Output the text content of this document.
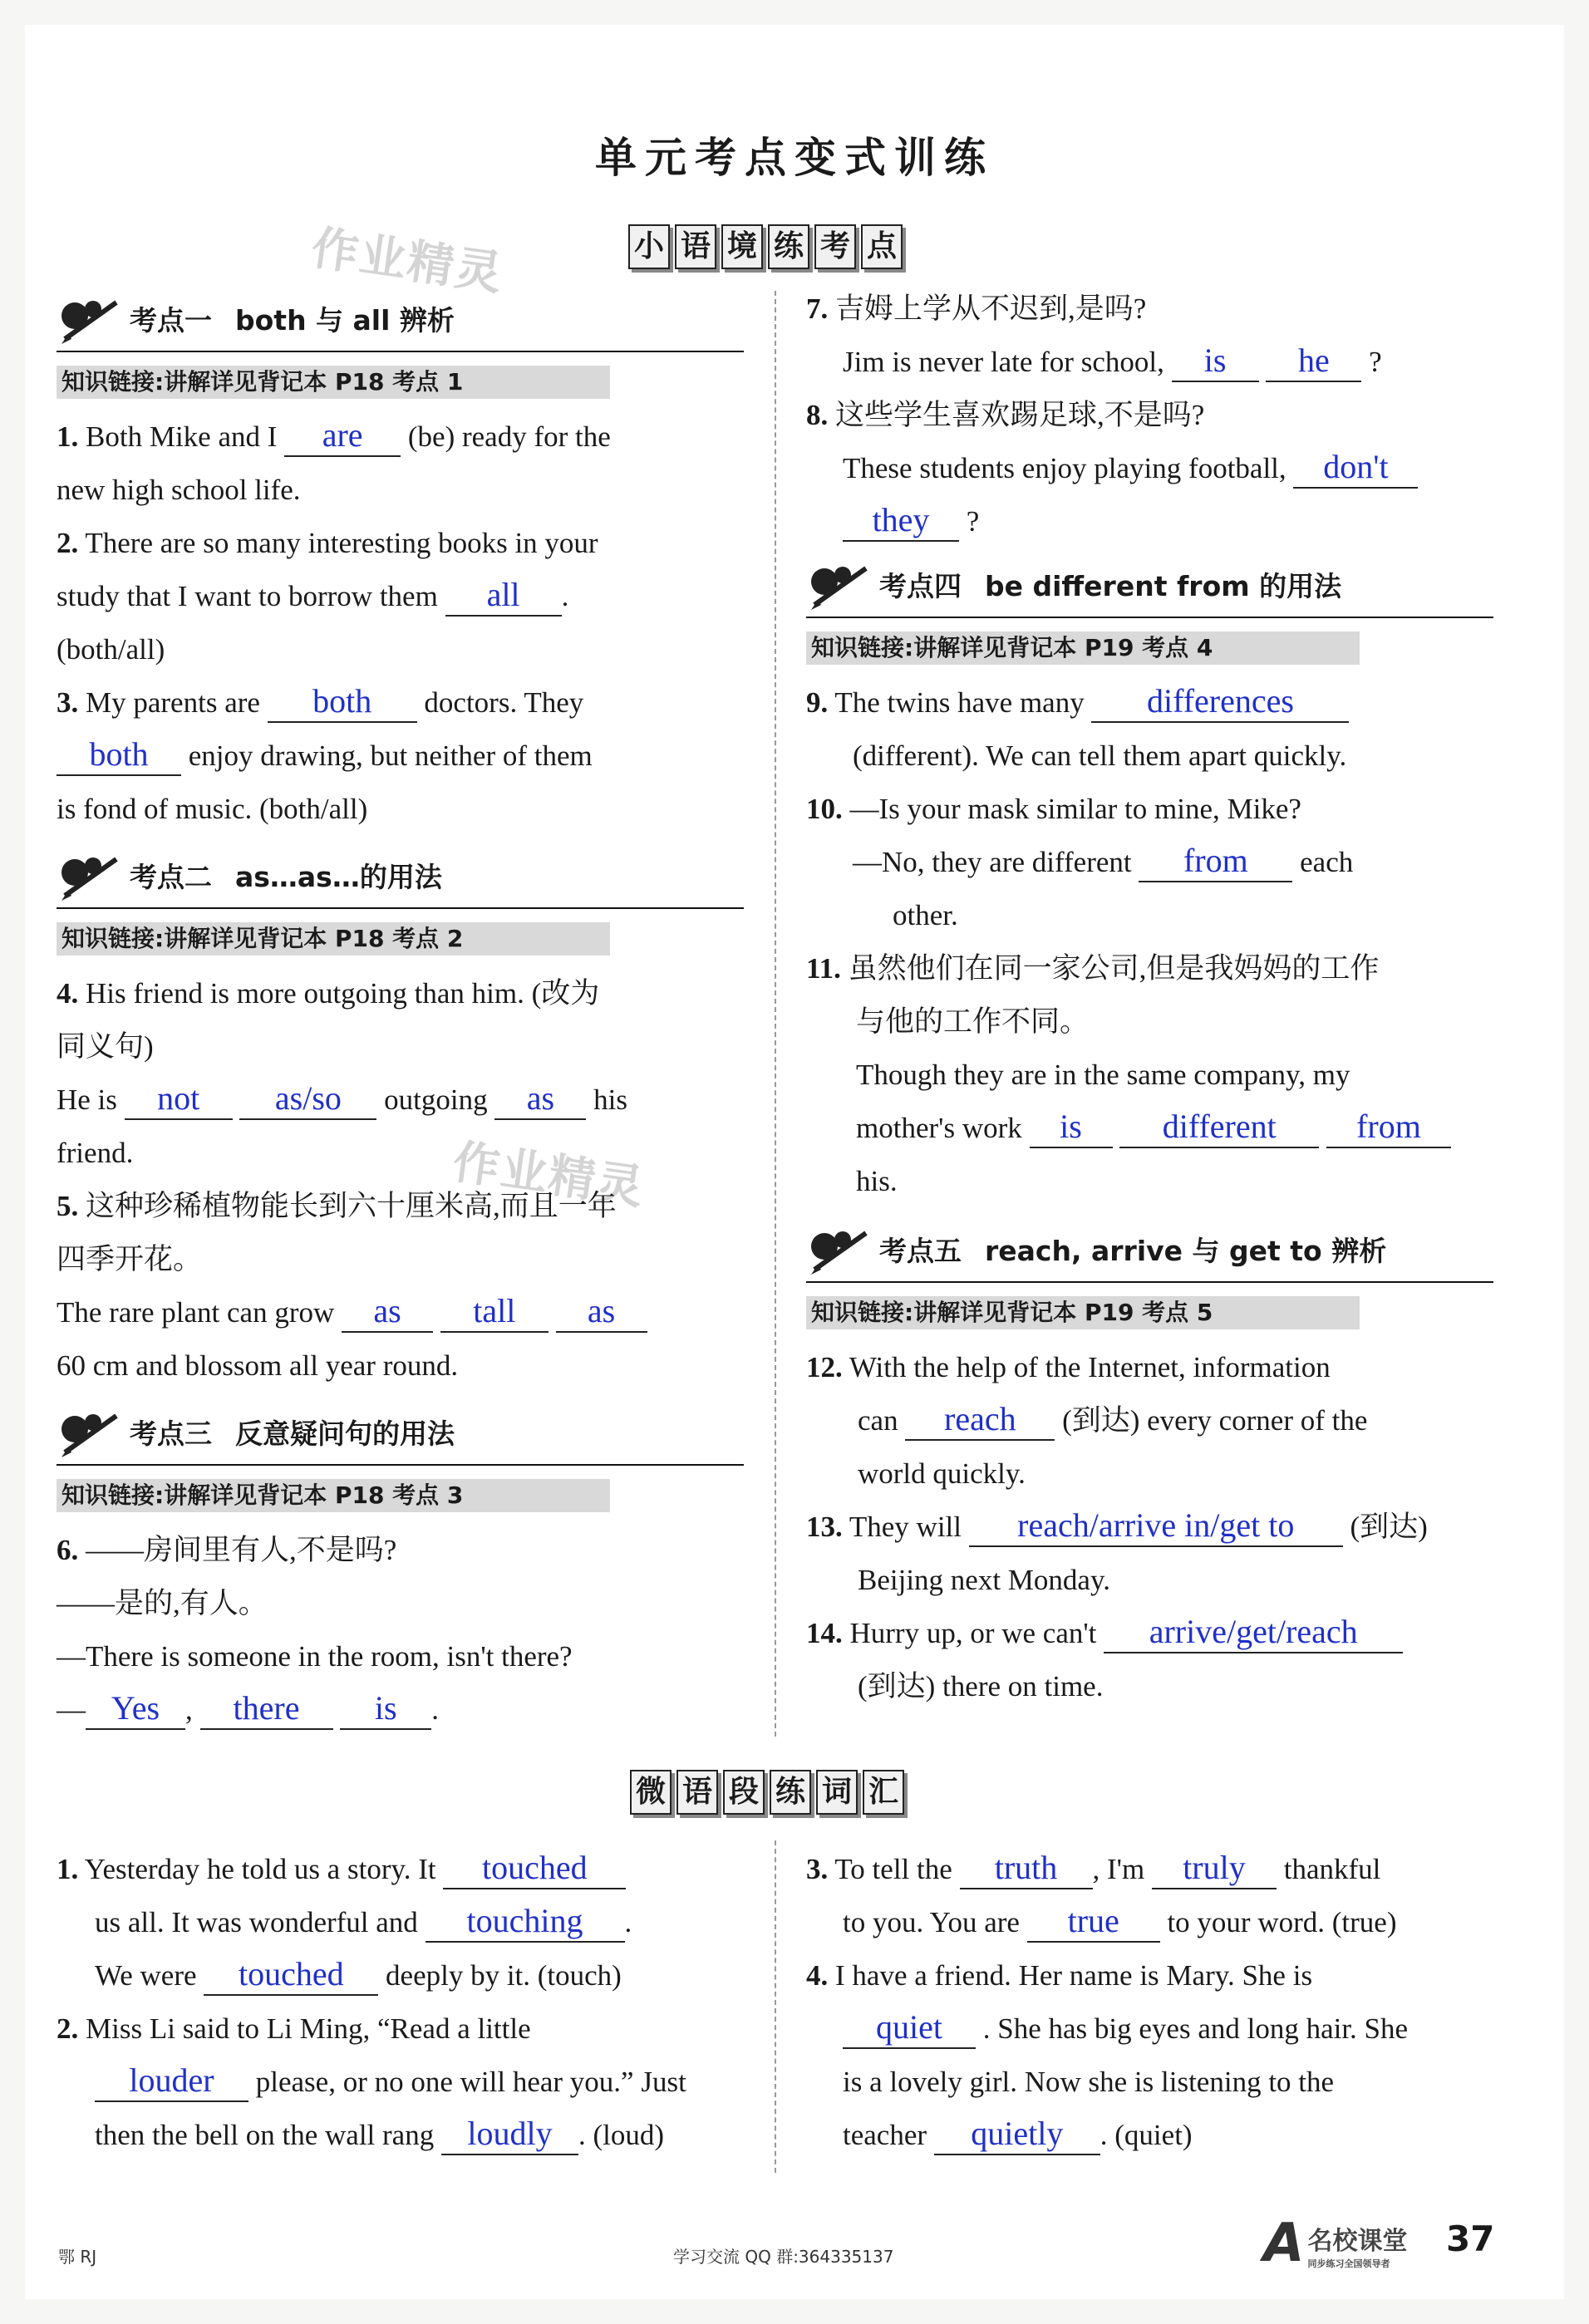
单元考点变式训练
作业精灵
作业精灵
小 语 境 练 考 点
考点一 both 与 all 辨析
知识链接:讲解详见背记本 P18 考点 1
1. Both Mike and I are (be) ready for the
new high school life.
2. There are so many interesting books in your
study that I want to borrow them all .
(both/all)
3. My parents are both doctors. They
both enjoy drawing, but neither of them
is fond of music. (both/all)
考点二 as…as…的用法
知识链接:讲解详见背记本 P18 考点 2
4. His friend is more outgoing than him. (改为
同义句)
He is not as/so outgoing as his
friend.
5. 这种珍稀植物能长到六十厘米高,而且一年
四季开花。
The rare plant can grow as tall as
60 cm and blossom all year round.
考点三 反意疑问句的用法
知识链接:讲解详见背记本 P18 考点 3
6. ——房间里有人,不是吗?
——是的,有人。
—There is someone in the room, isn't there?
— Yes , there is .
7. 吉姆上学从不迟到,是吗?
Jim is never late for school, is he ?
8. 这些学生喜欢踢足球,不是吗?
These students enjoy playing football, don't
they ?
考点四 be different from 的用法
知识链接:讲解详见背记本 P19 考点 4
9. The twins have many differences
(different). We can tell them apart quickly.
10. —Is your mask similar to mine, Mike?
—No, they are different from each
other.
11. 虽然他们在同一家公司,但是我妈妈的工作
与他的工作不同。
Though they are in the same company, my
mother's work is different from
his.
考点五 reach, arrive 与 get to 辨析
知识链接:讲解详见背记本 P19 考点 5
12. With the help of the Internet, information
can reach (到达) every corner of the
world quickly.
13. They will reach/arrive in/get to (到达)
Beijing next Monday.
14. Hurry up, or we can't arrive/get/reach
(到达) there on time.
微 语 段 练 词 汇
1. Yesterday he told us a story. It touched
us all. It was wonderful and touching .
We were touched deeply by it. (touch)
2. Miss Li said to Li Ming, “Read a little
louder please, or no one will hear you.” Just
then the bell on the wall rang loudly . (loud)
3. To tell the truth , I'm truly thankful
to you. You are true to your word. (true)
4. I have a friend. Her name is Mary. She is
quiet . She has big eyes and long hair. She
is a lovely girl. Now she is listening to the
teacher quietly . (quiet)
鄂 RJ	学习交流 QQ 群:364335137	A 名校课堂
同步练习全国领导者
37
